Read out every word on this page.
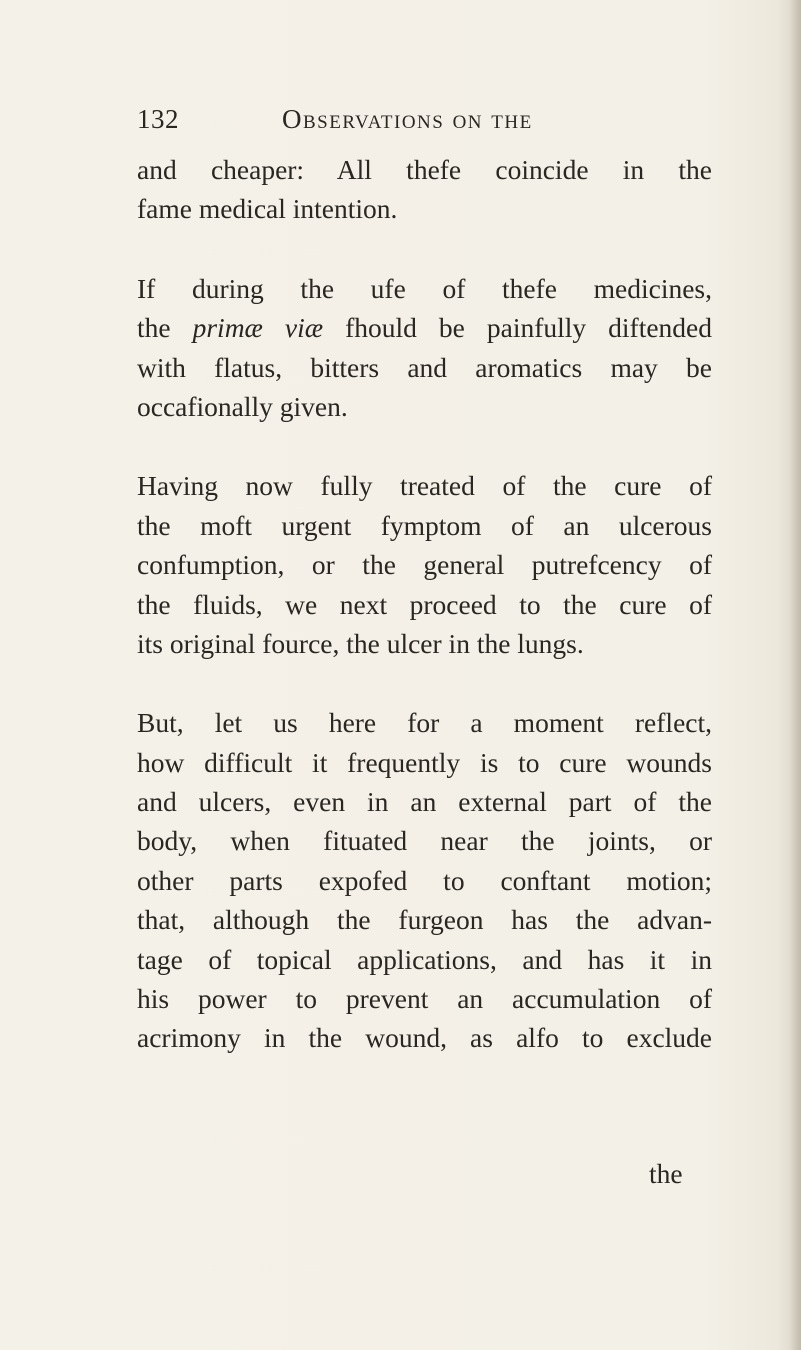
132	Observations on the
and cheaper: All thefe coincide in the
fame medical intention.
If during the ufe of thefe medicines,
the primæ viæ fhould be painfully diftended
with flatus, bitters and aromatics may be
occafionally given.
Having now fully treated of the cure of
the moft urgent fymptom of an ulcerous
confumption, or the general putrefcency of
the fluids, we next proceed to the cure of
its original fource, the ulcer in the lungs.
But, let us here for a moment reflect,
how difficult it frequently is to cure wounds
and ulcers, even in an external part of the
body, when fituated near the joints, or
other parts expofed to conftant motion;
that, although the furgeon has the advan-
tage of topical applications, and has it in
his power to prevent an accumulation of
acrimony in the wound, as alfo to exclude
the
